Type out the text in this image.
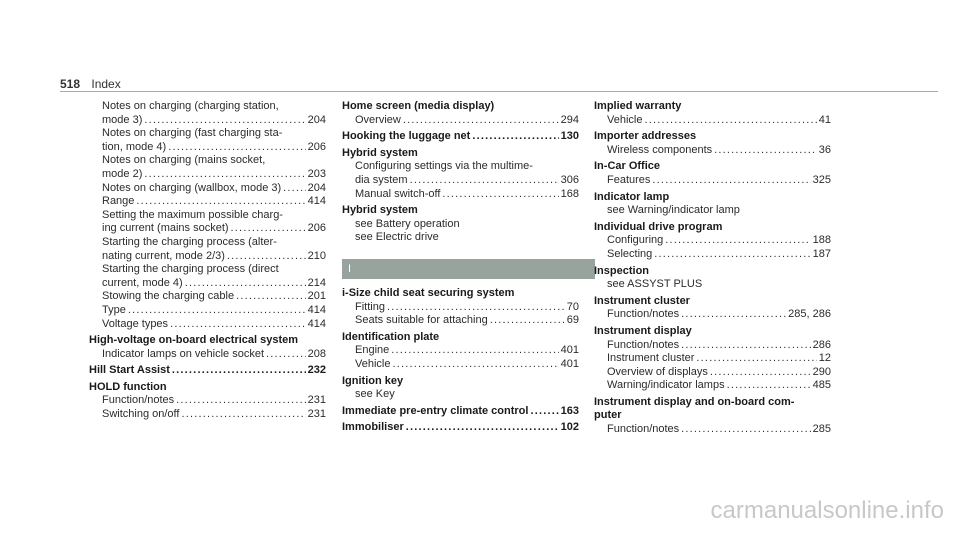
518 Index
Notes on charging (charging station,
mode 3) .....	204
Notes on charging (fast charging sta-
tion, mode 4) .....	206
Notes on charging (mains socket,
mode 2) .....	203
Notes on charging (wallbox, mode 3) ..... 204
Range .....	414
Setting the maximum possible charg-
ing current (mains socket) .....	206
Starting the charging process (alter-
nating current, mode 2/3) .....	210
Starting the charging process (direct
current, mode 4) .....	214
Stowing the charging cable .....	201
Type .....	414
Voltage types .....	414
High-voltage on-board electrical system
Indicator lamps on vehicle socket .....	208
Hill Start Assist .....	232
HOLD function
Function/notes .....	231
Switching on/off .....	231
Home screen (media display)
Overview .....	294
Hooking the luggage net .....	130
Hybrid system
Configuring settings via the multime-
dia system .....	306
Manual switch-off .....	168
Hybrid system
see Battery operation
see Electric drive
I
i-Size child seat securing system
Fitting .....	70
Seats suitable for attaching .....	69
Identification plate
Engine .....	401
Vehicle .....	401
Ignition key
see Key
Immediate pre-entry climate control .....	163
Immobiliser .....	102
Implied warranty
Vehicle .....	41
Importer addresses
Wireless components .....	36
In-Car Office
Features .....	325
Indicator lamp
see Warning/indicator lamp
Individual drive program
Configuring .....	188
Selecting .....	187
Inspection
see ASSYST PLUS
Instrument cluster
Function/notes .....	285, 286
Instrument display
Function/notes .....	286
Instrument cluster .....	12
Overview of displays .....	290
Warning/indicator lamps .....	485
Instrument display and on-board com-
puter
Function/notes .....	285
carmanualsonline.info
